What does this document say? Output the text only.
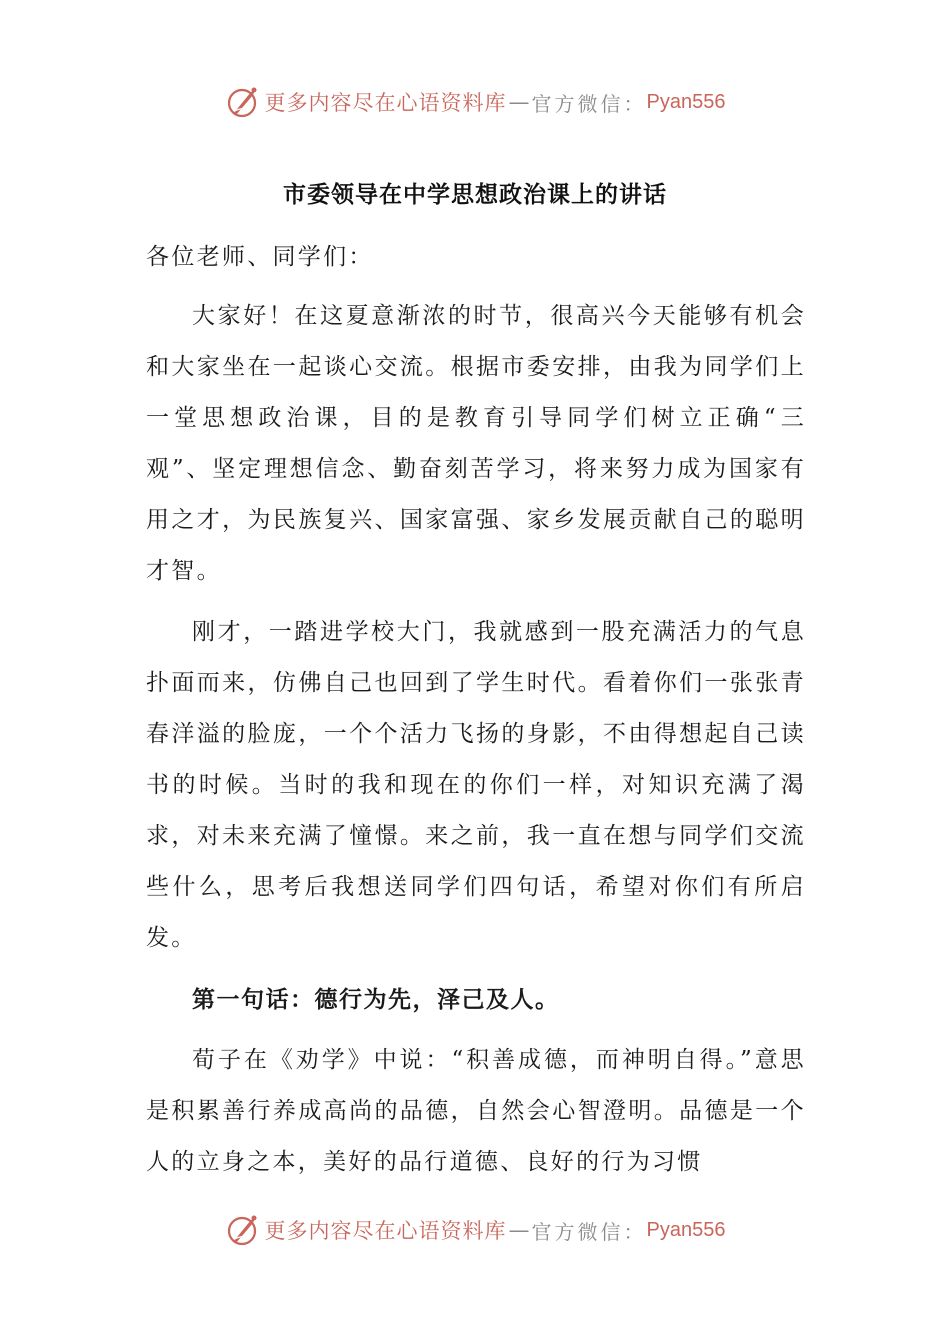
更多内容尽在心语资料库 — 官方微信： Pyan556
市委领导在中学思想政治课上的讲话

各位老师、同学们：

大家好！在这夏意渐浓的时节，很高兴今天能够有机会和大家坐在一起谈心交流。根据市委安排，由我为同学们上一堂思想政治课，目的是教育引导同学们树立正确“三观”、坚定理想信念、勤奋刻苦学习，将来努力成为国家有用之才，为民族复兴、国家富强、家乡发展贡献自己的聪明才智。

刚才，一踏进学校大门，我就感到一股充满活力的气息扑面而来，仿佛自己也回到了学生时代。看着你们一张张青春洋溢的脸庞，一个个活力飞扬的身影，不由得想起自己读书的时候。当时的我和现在的你们一样，对知识充满了渴求，对未来充满了憧憬。来之前，我一直在想与同学们交流些什么，思考后我想送同学们四句话，希望对你们有所启发。

第一句话：德行为先，泽己及人。

荀子在《劝学》中说：“积善成德，而神明自得。”意思是积累善行养成高尚的品德，自然会心智澄明。品德是一个人的立身之本，美好的品行道德、良好的行为习惯

更多内容尽在心语资料库 — 官方微信： Pyan556
